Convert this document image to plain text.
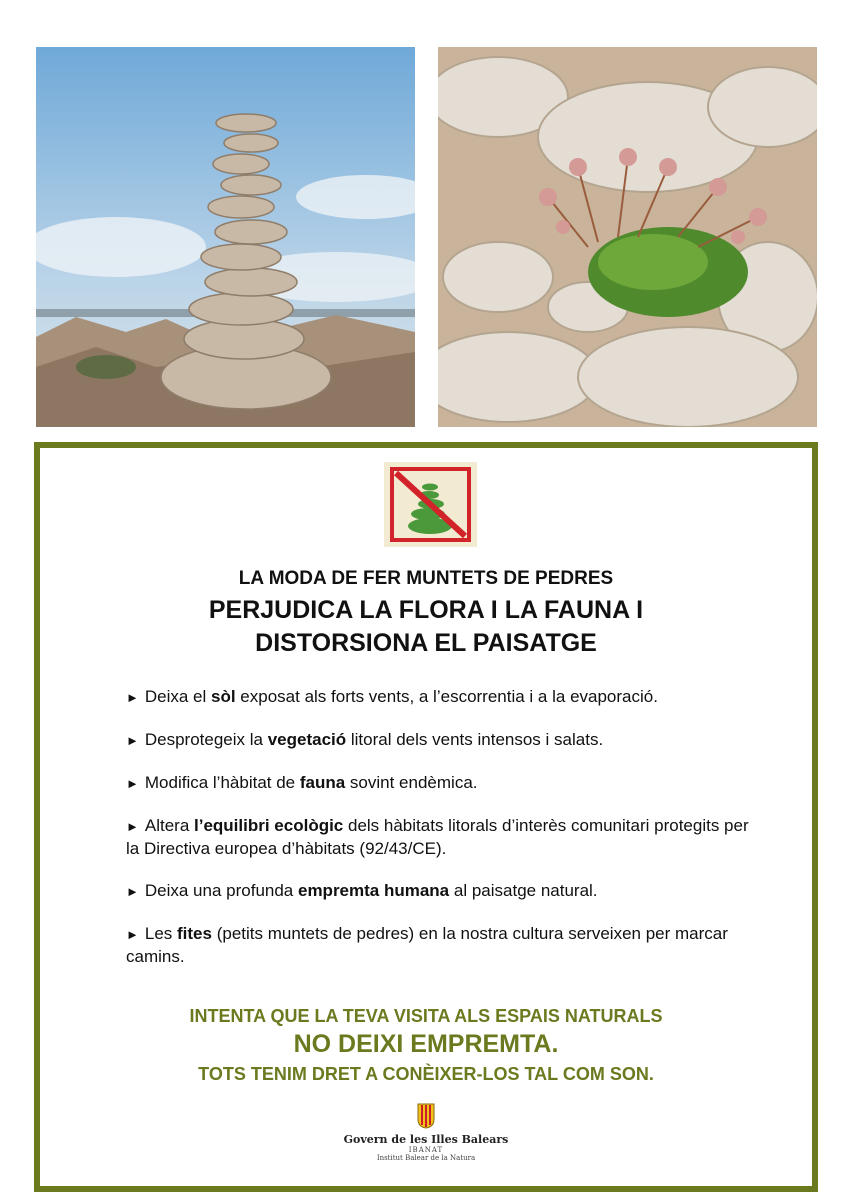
LA MODA DE FER MUNTETS DE PEDRES
PERJUDICA LA FLORA I LA FAUNA I
DISTORSIONA EL PAISATGE
► Deixa el sòl exposat als forts vents, a l’escorrentia i a la evaporació.
► Desprotegeix la vegetació litoral dels vents intensos i salats.
► Modifica l’hàbitat de fauna sovint endèmica.
► Altera l’equilibri ecològic dels hàbitats litorals d’interès comunitari protegits per la Directiva europea d’hàbitats (92/43/CE).
► Deixa una profunda empremta humana al paisatge natural.
► Les fites (petits muntets de pedres) en la nostra cultura serveixen per marcar camins.
INTENTA QUE LA TEVA VISITA ALS ESPAIS NATURALS
NO DEIXI EMPREMTA.
TOTS TENIM DRET A CONÈIXER-LOS TAL COM SON.
Govern de les Illes Balears
IBANAT
Institut Balear de la Natura
